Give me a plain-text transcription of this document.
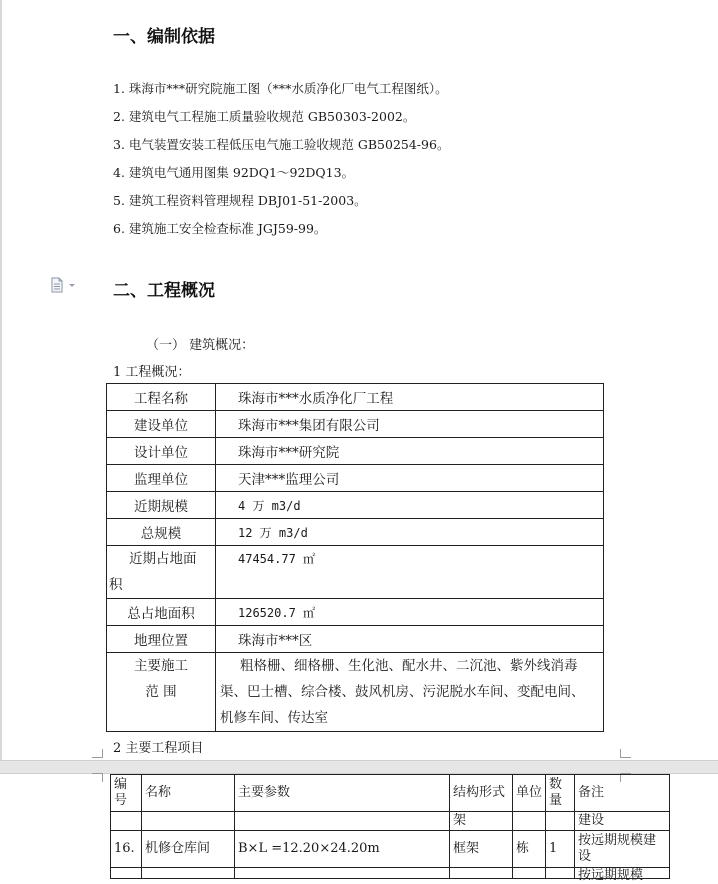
一、编制依据
1. 珠海市***研究院施工图（***水质净化厂电气工程图纸）。
2. 建筑电气工程施工质量验收规范 GB50303-2002。
3. 电气装置安装工程低压电气施工验收规范 GB50254-96。
4. 建筑电气通用图集 92DQ1～92DQ13。
5. 建筑工程资料管理规程 DBJ01-51-2003。
6. 建筑施工安全检查标准 JGJ59-99。
二、工程概况
（一） 建筑概况：
1 工程概况：
工程名称	珠海市***水质净化厂工程
建设单位	珠海市***集团有限公司
设计单位	珠海市***研究院
监理单位	天津***监理公司
近期规模	4 万 m3/d
总规模	12 万 m3/d
近期占地面
积	47454.77 ㎡
总占地面积	126520.7 ㎡
地理位置	珠海市***区
主要施工
范 围	粗格栅、细格栅、生化池、配水井、二沉池、紫外线消毒渠、巴士槽、综合楼、鼓风机房、污泥脱水车间、变配电间、机修车间、传达室
2 主要工程项目
编号	名称	主要参数	结构形式	单位	数量	备注
			架			建设
16.	机修仓库间	B×L =12.20×24.20m	框架	栋	1	按远期规模建设

						按远期规模
